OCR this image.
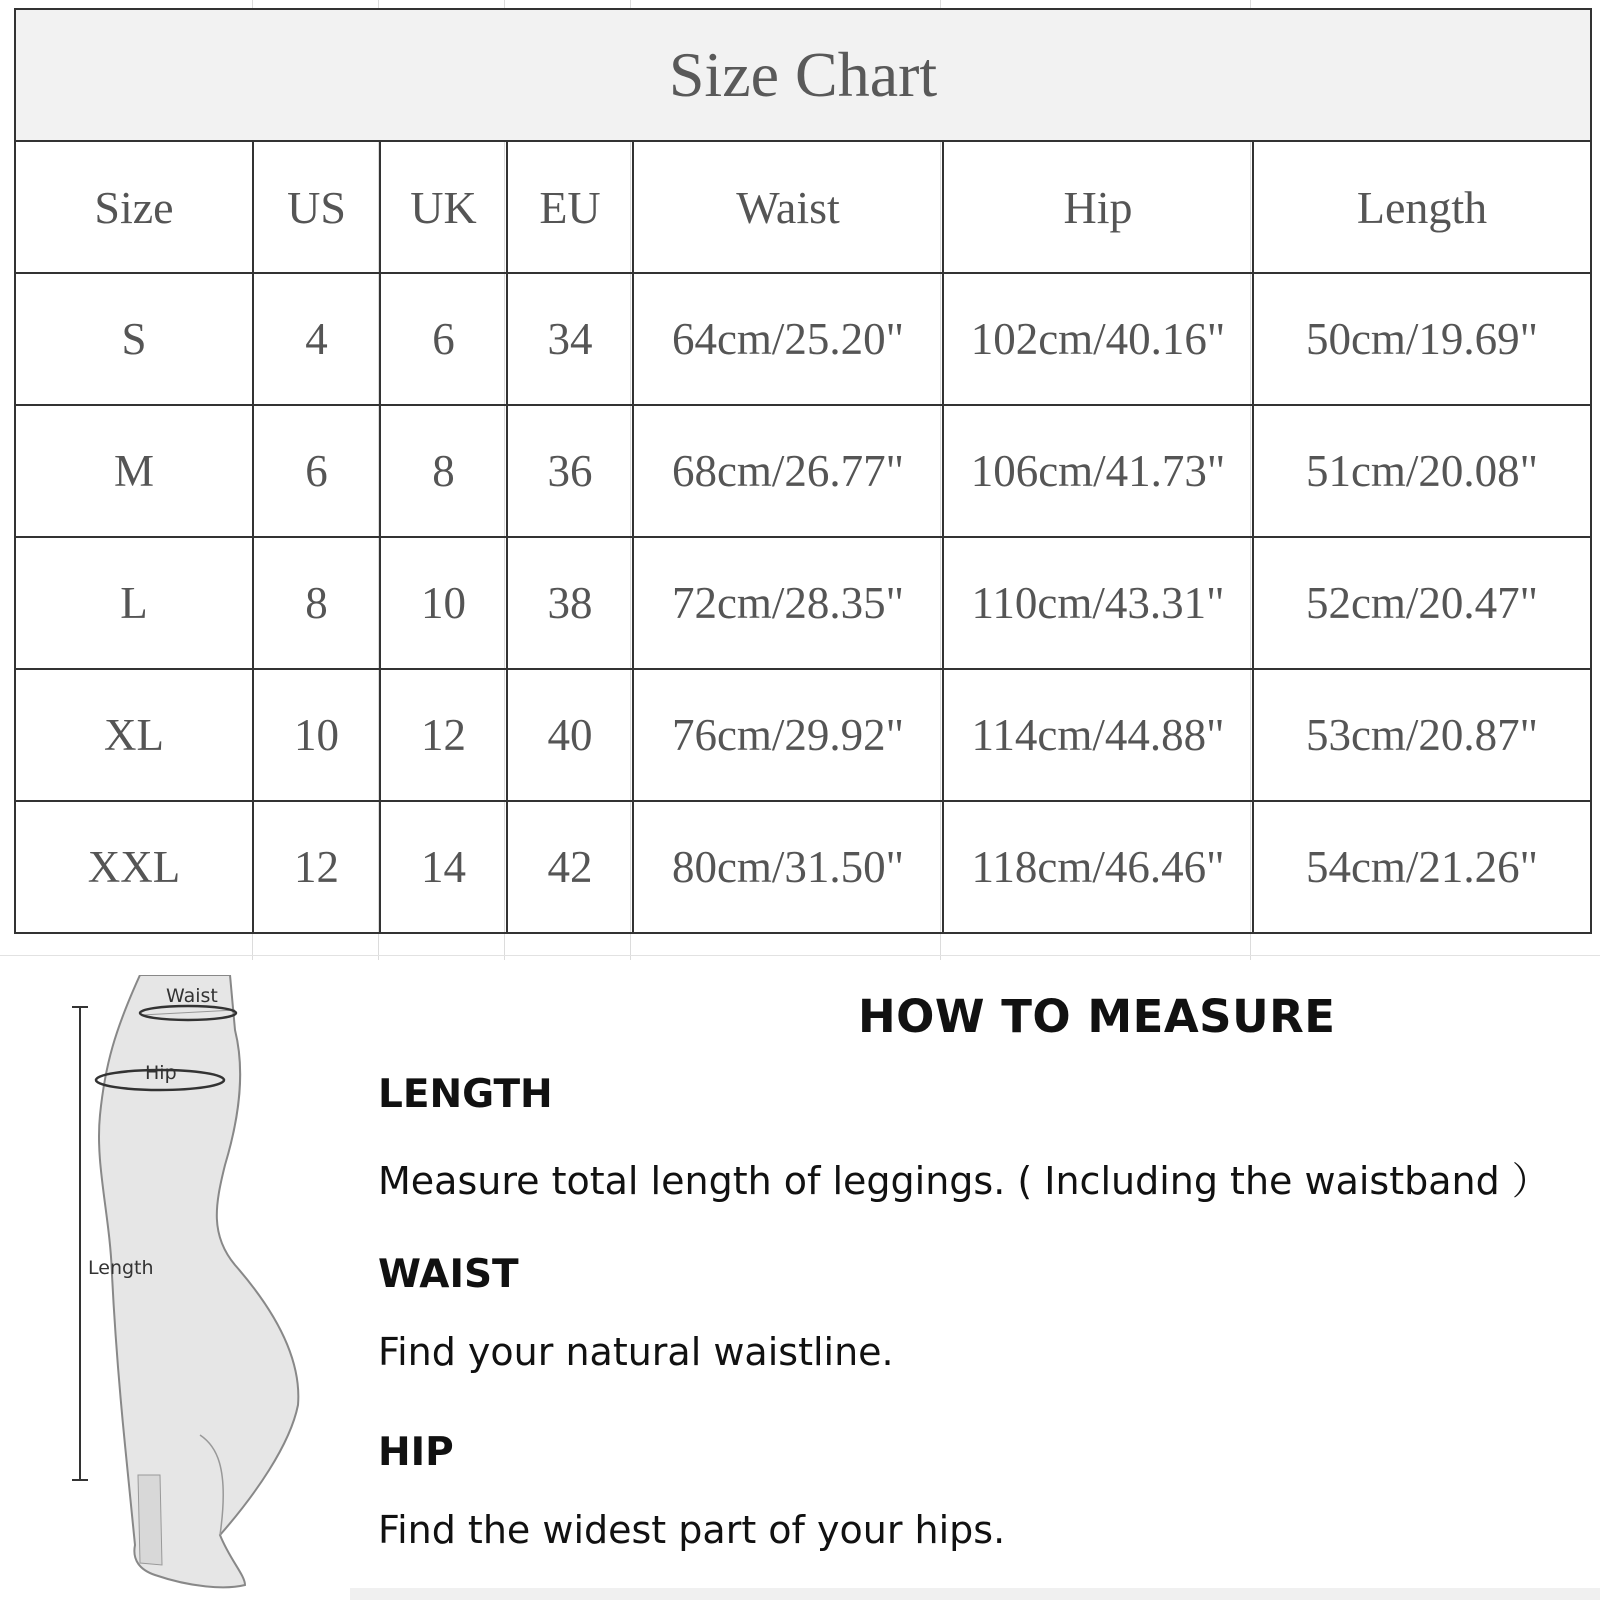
Size Chart						
Size	US	UK	EU	Waist	Hip	Length
S	4	6	34	64cm/25.20"	102cm/40.16"	50cm/19.69"
M	6	8	36	68cm/26.77"	106cm/41.73"	51cm/20.08"
L	8	10	38	72cm/28.35"	110cm/43.31"	52cm/20.47"
XL	10	12	40	76cm/29.92"	114cm/44.88"	53cm/20.87"
XXL	12	14	42	80cm/31.50"	118cm/46.46"	54cm/21.26"
Waist
Hip
Length
HOW TO MEASURE

LENGTH

Measure total length of leggings. ( Including the waistband ）

WAIST

Find your natural waistline.

HIP

Find the widest part of your hips.
